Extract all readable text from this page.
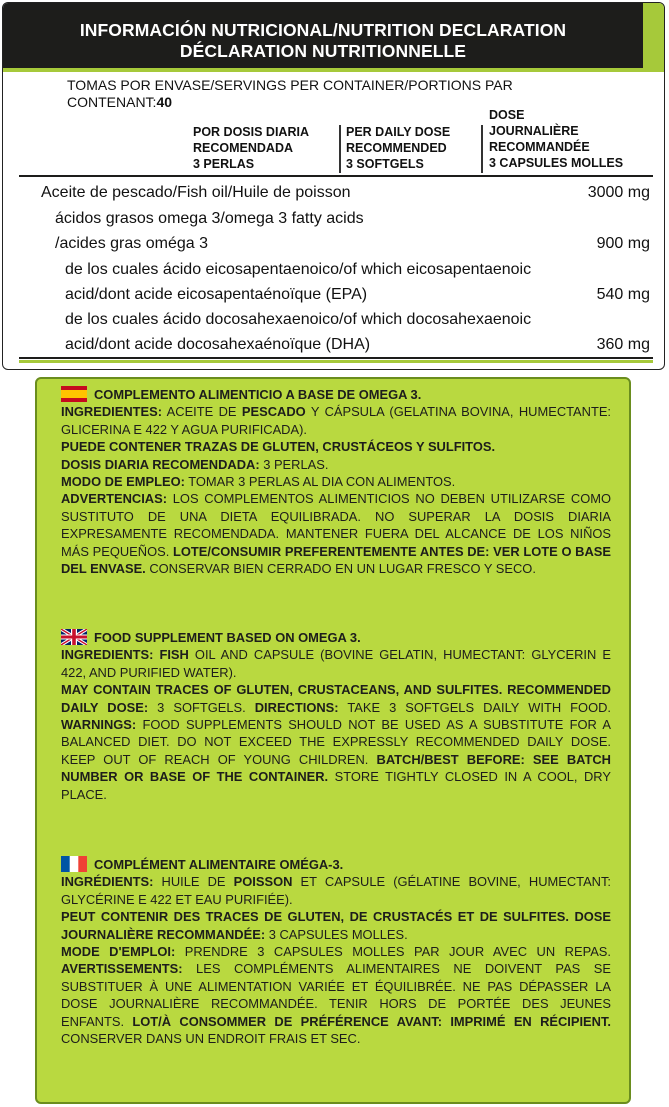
INFORMACIÓN NUTRICIONAL/NUTRITION DECLARATION
DÉCLARATION NUTRITIONNELLE
TOMAS POR ENVASE/SERVINGS PER CONTAINER/PORTIONS PAR CONTENANT:40
POR DOSIS DIARIA
RECOMENDADA
3 PERLAS
PER DAILY DOSE
RECOMMENDED
3 SOFTGELS
DOSE
JOURNALIÈRE
RECOMMANDÉE
3 CAPSULES MOLLES
Aceite de pescado/Fish oil/Huile de poisson	3000 mg
ácidos grasos omega 3/omega 3 fatty acids
/acides gras oméga 3	900 mg
de los cuales ácido eicosapentaenoico/of which eicosapentaenoic
acid/dont acide eicosapentaénoïque (EPA)	540 mg
de los cuales ácido docosahexaenoico/of which docosahexaenoic
acid/dont acide docosahexaénoïque (DHA)	360 mg

COMPLEMENTO ALIMENTICIO A BASE DE OMEGA 3.

INGREDIENTES: ACEITE DE PESCADO Y CÁPSULA (GELATINA BOVINA, HUMECTANTE: GLICERINA E 422 Y AGUA PURIFICADA).

PUEDE CONTENER TRAZAS DE GLUTEN, CRUSTÁCEOS Y SULFITOS.

DOSIS DIARIA RECOMENDADA: 3 PERLAS.

MODO DE EMPLEO: TOMAR 3 PERLAS AL DIA CON ALIMENTOS.

ADVERTENCIAS: LOS COMPLEMENTOS ALIMENTICIOS NO DEBEN UTILIZARSE COMO SUSTITUTO DE UNA DIETA EQUILIBRADA. NO SUPERAR LA DOSIS DIARIA EXPRESAMENTE RECOMENDADA. MANTENER FUERA DEL ALCANCE DE LOS NIÑOS MÁS PEQUEÑOS. LOTE/CONSUMIR PREFERENTEMENTE ANTES DE: VER LOTE O BASE DEL ENVASE. CONSERVAR BIEN CERRADO EN UN LUGAR FRESCO Y SECO.

FOOD SUPPLEMENT BASED ON OMEGA 3.

INGREDIENTS: FISH OIL AND CAPSULE (BOVINE GELATIN, HUMECTANT: GLYCERIN E 422, AND PURIFIED WATER).

MAY CONTAIN TRACES OF GLUTEN, CRUSTACEANS, AND SULFITES. RECOMMENDED DAILY DOSE: 3 SOFTGELS. DIRECTIONS: TAKE 3 SOFTGELS DAILY WITH FOOD. WARNINGS: FOOD SUPPLEMENTS SHOULD NOT BE USED AS A SUBSTITUTE FOR A BALANCED DIET. DO NOT EXCEED THE EXPRESSLY RECOMMENDED DAILY DOSE. KEEP OUT OF REACH OF YOUNG CHILDREN. BATCH/BEST BEFORE: SEE BATCH NUMBER OR BASE OF THE CONTAINER. STORE TIGHTLY CLOSED IN A COOL, DRY PLACE.

COMPLÉMENT ALIMENTAIRE OMÉGA-3.

INGRÉDIENTS: HUILE DE POISSON ET CAPSULE (GÉLATINE BOVINE, HUMECTANT: GLYCÉRINE E 422 ET EAU PURIFIÉE).

PEUT CONTENIR DES TRACES DE GLUTEN, DE CRUSTACÉS ET DE SULFITES. DOSE JOURNALIÈRE RECOMMANDÉE: 3 CAPSULES MOLLES.

MODE D'EMPLOI: PRENDRE 3 CAPSULES MOLLES PAR JOUR AVEC UN REPAS. AVERTISSEMENTS: LES COMPLÉMENTS ALIMENTAIRES NE DOIVENT PAS SE SUBSTITUER À UNE ALIMENTATION VARIÉE ET ÉQUILIBRÉE. NE PAS DÉPASSER LA DOSE JOURNALIÈRE RECOMMANDÉE. TENIR HORS DE PORTÉE DES JEUNES ENFANTS. LOT/À CONSOMMER DE PRÉFÉRENCE AVANT: IMPRIMÉ EN RÉCIPIENT. CONSERVER DANS UN ENDROIT FRAIS ET SEC.
